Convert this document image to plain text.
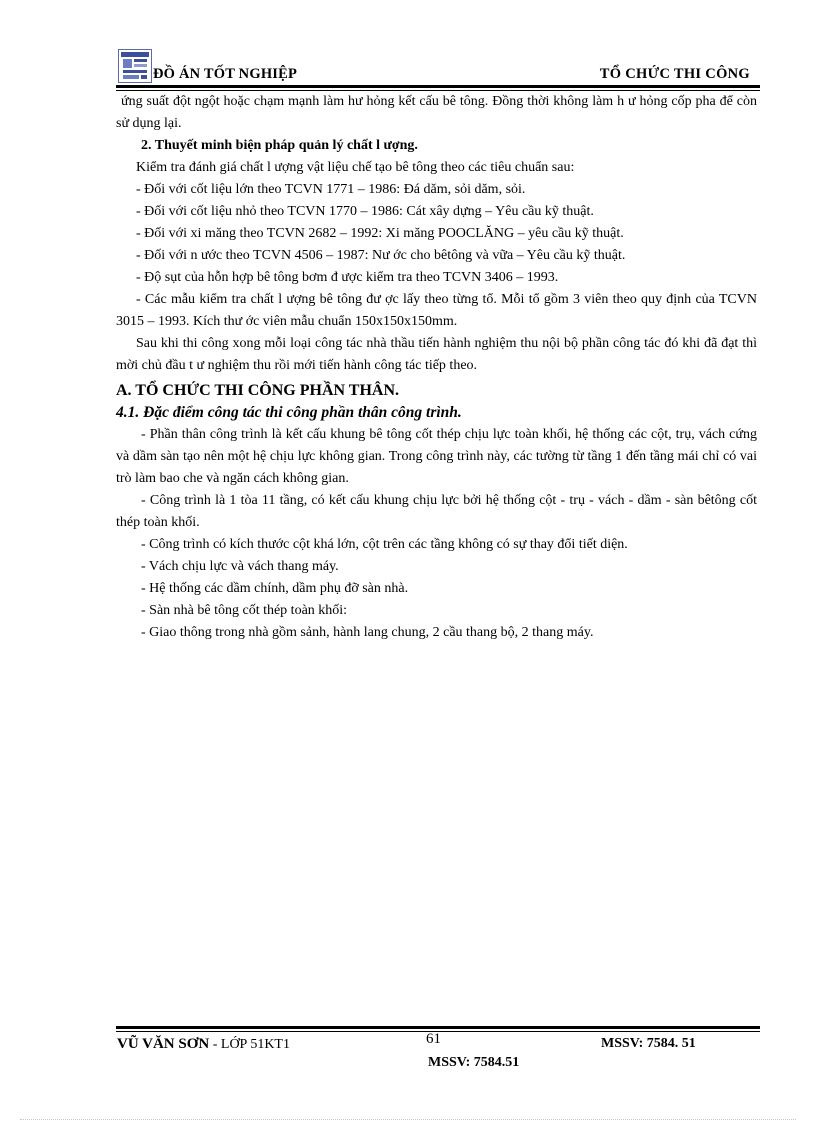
ĐỒ ÁN TỐT NGHIỆP	TỔ CHỨC THI CÔNG

ứng suất đột ngột hoặc chạm mạnh làm hư hỏng kết cấu bê tông. Đồng thời không làm h ư hỏng cốp pha để còn sử dụng lại.

2. Thuyết minh biện pháp quản lý chất l ượng.

Kiểm tra đánh giá chất l ượng vật liệu chế tạo bê tông theo các tiêu chuẩn sau:

- Đối với cốt liệu lớn theo TCVN 1771 – 1986: Đá dăm, sỏi dăm, sỏi.

- Đối với cốt liệu nhỏ theo TCVN 1770 – 1986: Cát xây dựng – Yêu cầu kỹ thuật.

- Đối với xi măng theo TCVN 2682 – 1992: Xi măng POOCLĂNG – yêu cầu kỹ thuật.

- Đối với n ước theo TCVN 4506 – 1987: Nư ớc cho bêtông và vữa – Yêu cầu kỹ thuật.

- Độ sụt của hỗn hợp bê tông bơm đ ược kiểm tra theo TCVN 3406 – 1993.

- Các mẫu kiểm tra chất l ượng bê tông đư ợc lấy theo từng tổ. Mỗi tổ gồm 3 viên theo quy định của TCVN 3015 – 1993. Kích thư ớc viên mẫu chuẩn 150x150x150mm.

Sau khi thi công xong mỗi loại công tác nhà thầu tiến hành nghiệm thu nội bộ phần công tác đó khi đã đạt thì mời chủ đầu t ư nghiệm thu rồi mới tiến hành công tác tiếp theo.

A. TỔ CHỨC THI CÔNG PHẦN THÂN.

4.1. Đặc điểm công tác thi công phần thân công trình.

- Phần thân công trình là kết cấu khung bê tông cốt thép chịu lực toàn khối, hệ thống các cột, trụ, vách cứng và dầm sàn tạo nên một hệ chịu lực không gian. Trong công trình này, các tường từ tầng 1 đến tầng mái chỉ có vai trò làm bao che và ngăn cách không gian.

- Công trình là 1 tòa 11 tầng, có kết cấu khung chịu lực bởi hệ thống cột - trụ - vách - dầm - sàn bêtông cốt thép toàn khối.

- Công trình có kích thước cột khá lớn, cột trên các tầng không có sự thay đổi tiết diện.

- Vách chịu lực và vách thang máy.

- Hệ thống các dầm chính, dầm phụ đỡ sàn nhà.

- Sàn nhà bê tông cốt thép toàn khối:

- Giao thông trong nhà gồm sảnh, hành lang chung, 2 cầu thang bộ, 2 thang máy.

VŨ VĂN SƠN - LỚP 51KT1	61	MSSV: 7584. 51
MSSV: 7584.51
